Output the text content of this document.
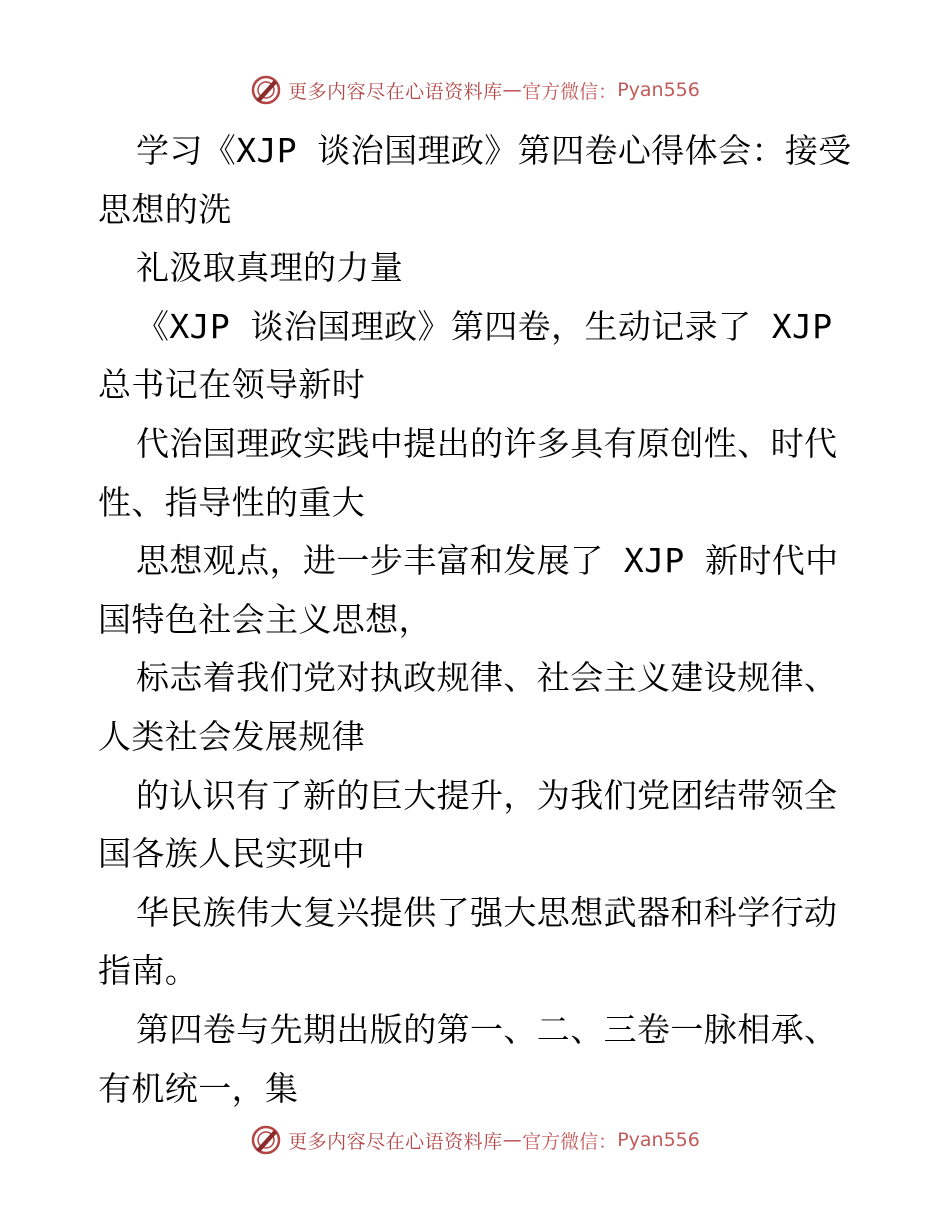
更多内容尽在心语资料库 — 官方微信： Pyan556
学习《XJP 谈治国理政》第四卷心得体会：接受
思想的洗
礼汲取真理的力量
《XJP 谈治国理政》第四卷，生动记录了 XJP
总书记在领导新时
代治国理政实践中提出的许多具有原创性、时代
性、指导性的重大
思想观点，进一步丰富和发展了 XJP 新时代中
国特色社会主义思想，
标志着我们党对执政规律、社会主义建设规律、
人类社会发展规律
的认识有了新的巨大提升，为我们党团结带领全
国各族人民实现中
华民族伟大复兴提供了强大思想武器和科学行动
指南。
第四卷与先期出版的第一、二、三卷一脉相承、
有机统一，集
更多内容尽在心语资料库 — 官方微信： Pyan556
